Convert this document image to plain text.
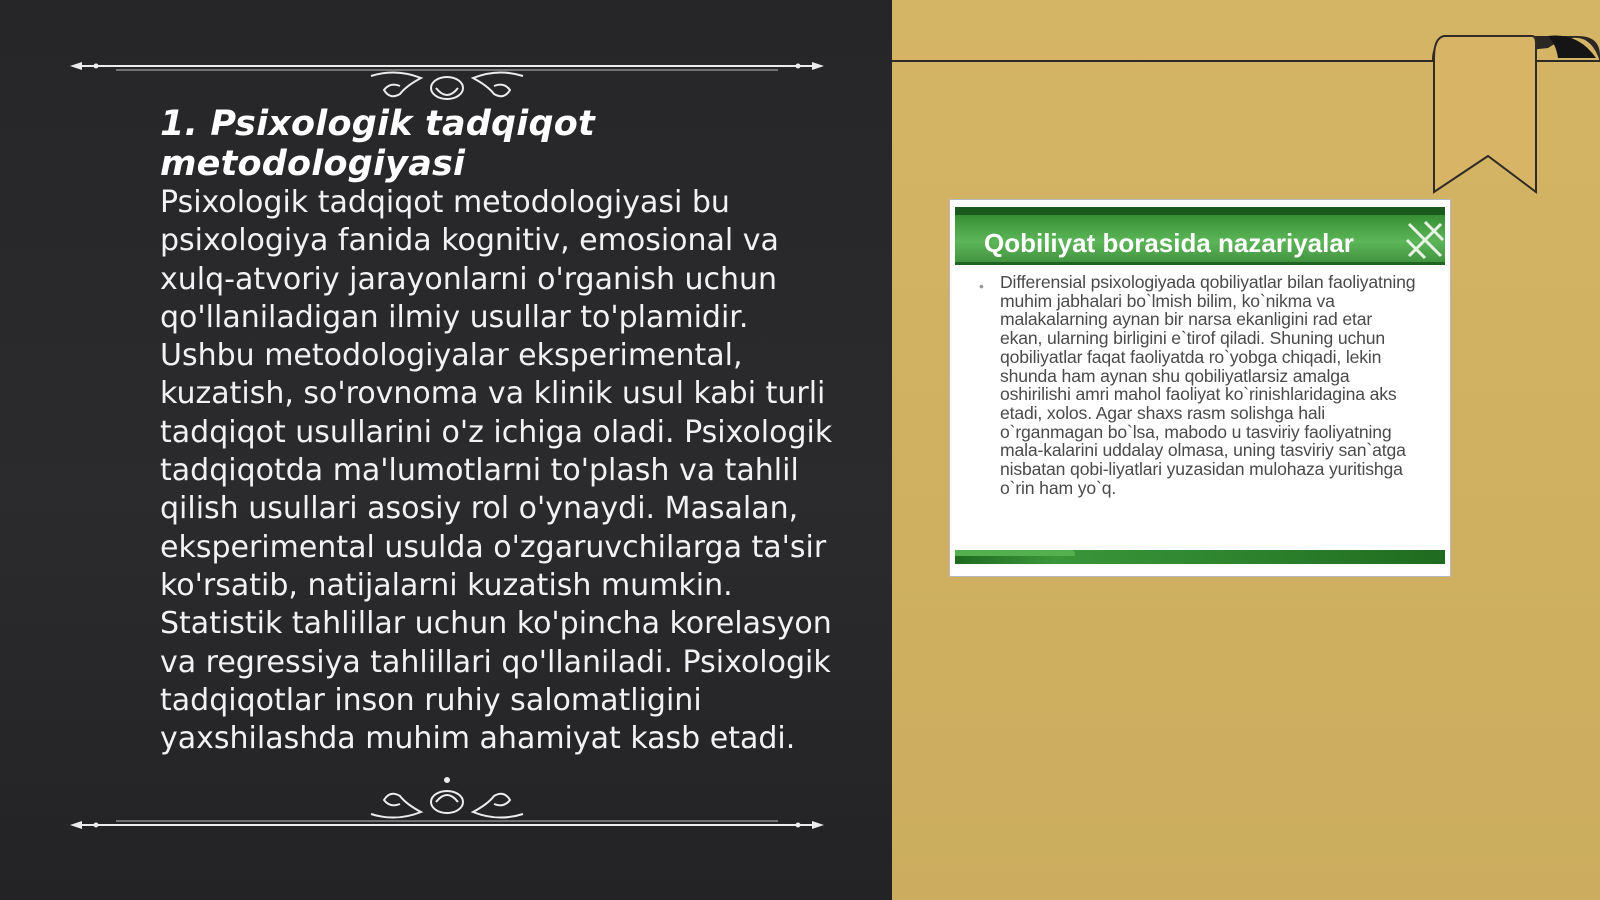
1. Psixologik tadqiqot metodologiyasi

Psixologik tadqiqot metodologiyasi bu psixologiya fanida kognitiv, emosional va xulq-atvoriy jarayonlarni o'rganish uchun qo'llaniladigan ilmiy usullar to'plamidir. Ushbu metodologiyalar eksperimental, kuzatish, so'rovnoma va klinik usul kabi turli tadqiqot usullarini o'z ichiga oladi. Psixologik tadqiqotda ma'lumotlarni to'plash va tahlil qilish usullari asosiy rol o'ynaydi. Masalan, eksperimental usulda o'zgaruvchilarga ta'sir ko'rsatib, natijalarni kuzatish mumkin. Statistik tahlillar uchun ko'pincha korelasyon va regressiya tahlillari qo'llaniladi. Psixologik tadqiqotlar inson ruhiy salomatligini yaxshilashda muhim ahamiyat kasb etadi.

Qobiliyat borasida nazariyalar
• Differensial psixologiyada qobiliyatlar bilan faoliyatning muhim jabhalari bo`lmish bilim, ko`nikma va malakalarning aynan bir narsa ekanligini rad etar ekan, ularning birligini e`tirof qiladi. Shuning uchun qobiliyatlar faqat faoliyatda ro`yobga chiqadi, lekin shunda ham aynan shu qobiliyatlarsiz amalga oshirilishi amri mahol faoliyat ko`rinishlaridagina aks etadi, xolos. Agar shaxs rasm solishga hali o`rganmagan bo`lsa, mabodo u tasviriy faoliyatning mala-kalarini uddalay olmasa, uning tasviriy san`atga nisbatan qobi-liyatlari yuzasidan mulohaza yuritishga o`rin ham yo`q.
